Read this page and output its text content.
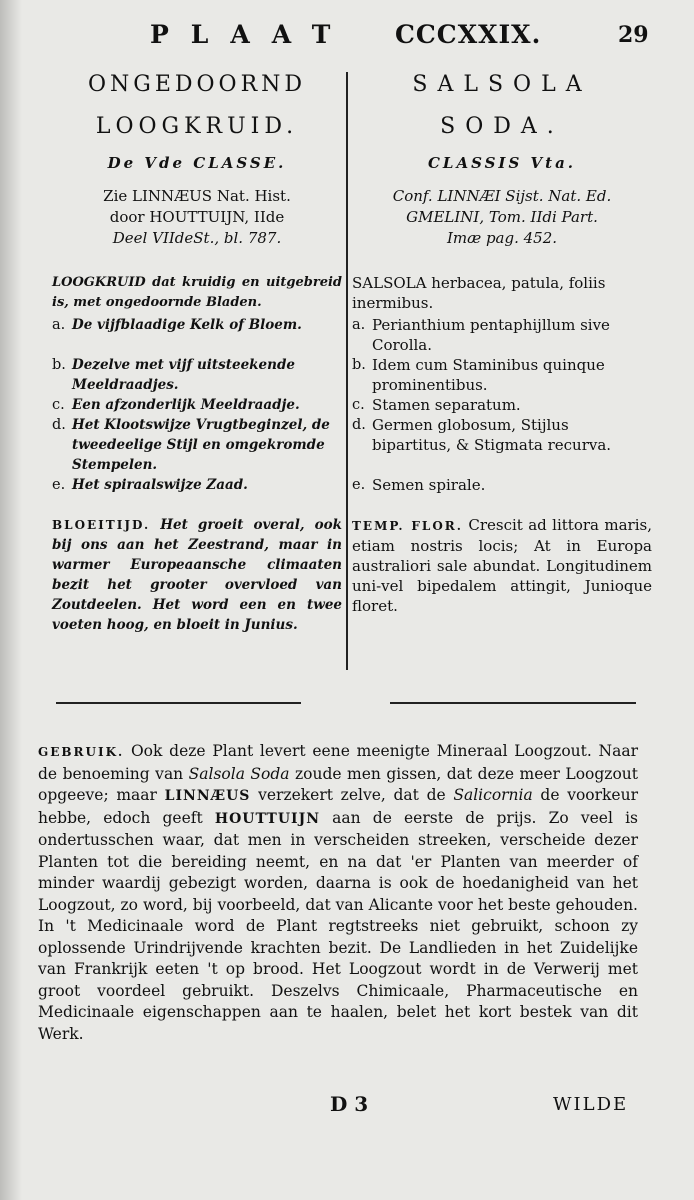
PLAAT CCCXXIX.	29
ONGEDOORND
LOOGKRUID.
De Vde CLASSE.
Zie LINNÆUS Nat. Hist.
door HOUTTUIJN, IIde
Deel VIIdeSt., bl. 787.
LOOGKRUID dat kruidig en uitgebreid is, met ongedoornde Bladen.
a. De vijfblaadige Kelk of Bloem.
b. Dezelve met vijf uitsteekende Meeldraadjes.
c. Een afzonderlijk Meeldraadje.
d. Het Klootswijze Vrugtbeginzel, de tweedeelige Stijl en omgekromde Stempelen.
e. Het spiraalswijze Zaad.
BLOEITIJD. Het groeit overal, ook bij ons aan het Zeestrand, maar in warmer Europeaansche climaaten bezit het grooter overvloed van Zoutdeelen. Het word een en twee voeten hoog, en bloeit in Junius.
SALSOLA
SODA.
CLASSIS Vta.
Conf. LINNÆI Sijst. Nat. Ed.
GMELINI, Tom. IIdi Part.
Imæ pag. 452.
SALSOLA herbacea, patula, foliis inermibus.
a. Perianthium pentaphijllum sive Corolla.
b. Idem cum Staminibus quinque prominentibus.
c. Stamen separatum.
d. Germen globosum, Stijlus bipartitus, & Stigmata recurva.
e. Semen spirale.
TEMP. FLOR. Crescit ad littora maris, etiam nostris locis; At in Europa australiori sale abundat. Longitudinem uni-vel bipedalem attingit, Junioque floret.
GEBRUIK. Ook deze Plant levert eene meenigte Mineraal Loogzout. Naar de benoeming van Salsola Soda zoude men gissen, dat deze meer Loogzout opgeeve; maar LINNÆUS verzekert zelve, dat de Salicornia de voorkeur hebbe, edoch geeft HOUTTUIJN aan de eerste de prijs. Zo veel is ondertusschen waar, dat men in verscheiden streeken, verscheide dezer Planten tot die bereiding neemt, en na dat 'er Planten van meerder of minder waardij gebezigt worden, daarna is ook de hoedanigheid van het Loogzout, zo word, bij voorbeeld, dat van Alicante voor het beste gehouden. In 't Medicinaale word de Plant regtstreeks niet gebruikt, schoon zy oplossende Urindrijvende krachten bezit. De Landlieden in het Zuidelijke van Frankrijk eeten 't op brood. Het Loogzout wordt in de Verwerij met groot voordeel gebruikt. Deszelvs Chimicaale, Pharmaceutische en Medicinaale eigenschappen aan te haalen, belet het kort bestek van dit Werk.
D 3	WILDE
